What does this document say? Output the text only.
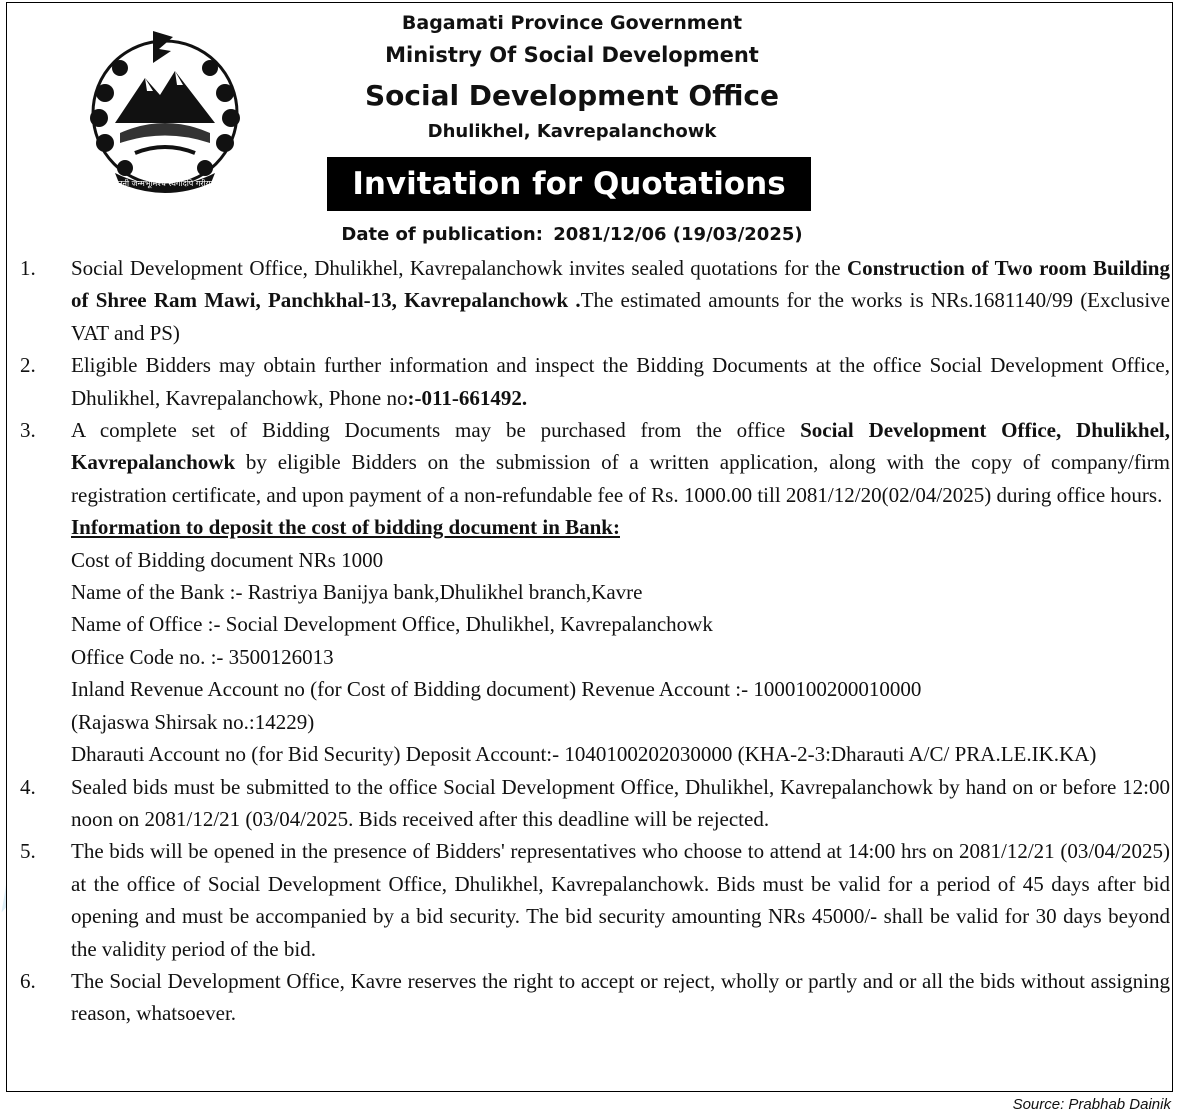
जननी जन्मभूमिश्च स्वर्गादपि गरीयसी
Bagamati Province Government
Ministry Of Social Development
Social Development Office
Dhulikhel, Kavrepalanchowk
Invitation for Quotations
Date of publication: 2081/12/06 (19/03/2025)
1.	Social Development Office, Dhulikhel, Kavrepalanchowk invites sealed quotations for the Construction of Two room Building of Shree Ram Mawi, Panchkhal-13, Kavrepalanchowk .The estimated amounts for the works is NRs.1681140/99 (Exclusive VAT and PS)
2.	Eligible Bidders may obtain further information and inspect the Bidding Documents at the office Social Development Office, Dhulikhel, Kavrepalanchowk, Phone no:-011-661492.
3.	A complete set of Bidding Documents may be purchased from the office Social Development Office, Dhulikhel, Kavrepalanchowk by eligible Bidders on the submission of a written application, along with the copy of company/firm registration certificate, and upon payment of a non-refundable fee of Rs. 1000.00 till 2081/12/20(02/04/2025) during office hours.
Information to deposit the cost of bidding document in Bank:
Cost of Bidding document NRs 1000
Name of the Bank :- Rastriya Banijya bank,Dhulikhel branch,Kavre
Name of Office :- Social Development Office, Dhulikhel, Kavrepalanchowk
Office Code no. :- 3500126013
Inland Revenue Account no (for Cost of Bidding document) Revenue Account :- 1000100200010000
(Rajaswa Shirsak no.:14229)
Dharauti Account no (for Bid Security) Deposit Account:- 1040100202030000 (KHA-2-3:Dharauti A/C/ PRA.LE.IK.KA)
4.	Sealed bids must be submitted to the office Social Development Office, Dhulikhel, Kavrepalanchowk by hand on or before 12:00 noon on 2081/12/21 (03/04/2025. Bids received after this deadline will be rejected.
5.	The bids will be opened in the presence of Bidders' representatives who choose to attend at 14:00 hrs on 2081/12/21 (03/04/2025) at the office of Social Development Office, Dhulikhel, Kavrepalanchowk. Bids must be valid for a period of 45 days after bid opening and must be accompanied by a bid security. The bid security amounting NRs 45000/- shall be valid for 30 days beyond the validity period of the bid.
6.	The Social Development Office, Kavre reserves the right to accept or reject, wholly or partly and or all the bids without assigning reason, whatsoever.
Source: Prabhab Dainik
